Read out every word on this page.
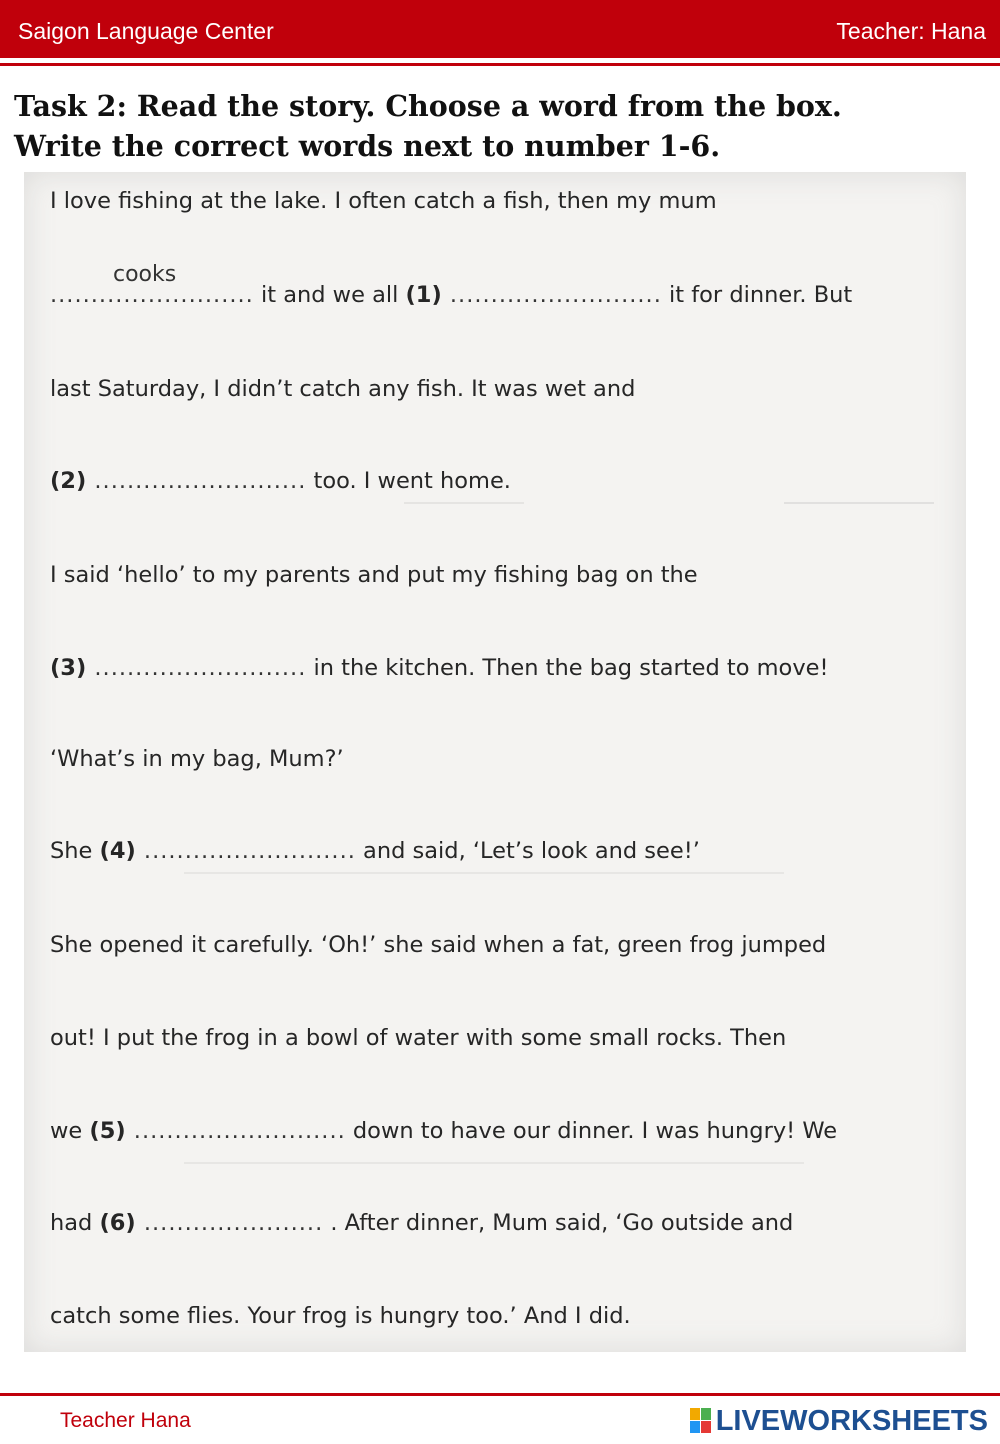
Saigon Language Center	Teacher: Hana
Task 2: Read the story. Choose a word from the box.
Write the correct words next to number 1-6.
cooks
I love fishing at the lake. I often catch a fish, then my mum
......................... it and we all (1) .......................... it for dinner. But
last Saturday, I didn’t catch any fish. It was wet and
(2) .......................... too. I went home.
I said ‘hello’ to my parents and put my fishing bag on the
(3) .......................... in the kitchen. Then the bag started to move!
‘What’s in my bag, Mum?’
She (4) .......................... and said, ‘Let’s look and see!’
She opened it carefully. ‘Oh!’ she said when a fat, green frog jumped
out! I put the frog in a bowl of water with some small rocks. Then
we (5) .......................... down to have our dinner. I was hungry! We
had (6) ...................... . After dinner, Mum said, ‘Go outside and
catch some flies. Your frog is hungry too.’ And I did.
Teacher Hana	LIVEWORKSHEETS
